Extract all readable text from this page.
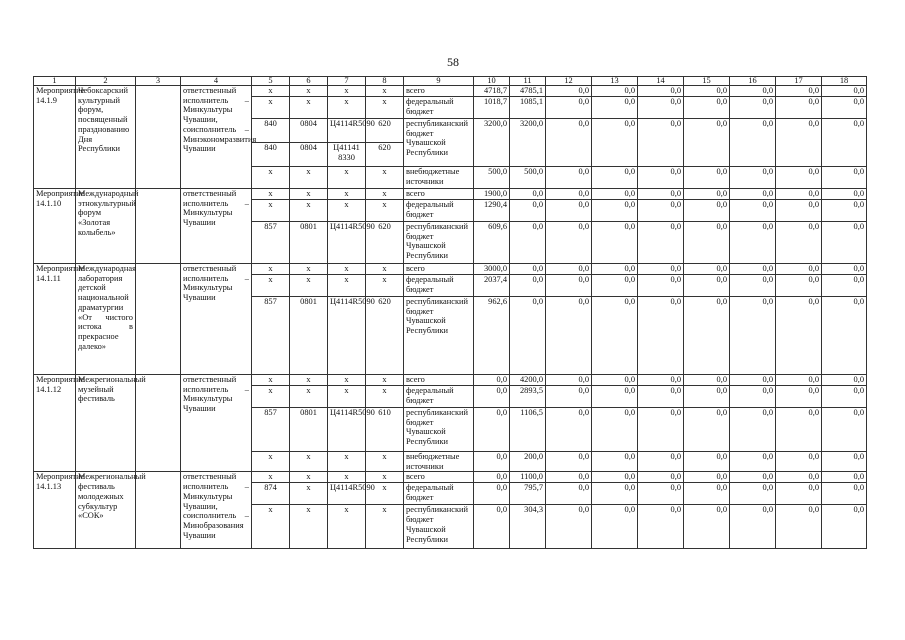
58
1	2	3	4	5	6	7	8	9	10	11	12	13	14	15	16	17	18
Мероприятие 14.1.9	Чебоксарский культурный форум, посвященный празднованию Дня Республики		ответственный исполнитель – Минкультуры Чувашии, соисполнитель – Минэкономразвития Чувашии	x	x	x	x	всего	4718,7	4785,1	0,0	0,0	0,0	0,0	0,0	0,0	0,0
				x	x	x	x	федеральный бюджет	1018,7	1085,1	0,0	0,0	0,0	0,0	0,0	0,0	0,0
				840	0804	Ц4114R5090	620	республиканский бюджет Чувашской Республики	3200,0	3200,0	0,0	0,0	0,0	0,0	0,0	0,0	0,0
				840	0804	Ц41141 8330	620										
				x	x	x	x	внебюджетные источники	500,0	500,0	0,0	0,0	0,0	0,0	0,0	0,0	0,0
Мероприятие 14.1.10	Международный этнокультурный форум «Золотая колыбель»		ответственный исполнитель – Минкультуры Чувашии	x	x	x	x	всего	1900,0	0,0	0,0	0,0	0,0	0,0	0,0	0,0	0,0
				x	x	x	x	федеральный бюджет	1290,4	0,0	0,0	0,0	0,0	0,0	0,0	0,0	0,0
				857	0801	Ц4114R5090	620	республиканский бюджет Чувашской Республики	609,6	0,0	0,0	0,0	0,0	0,0	0,0	0,0	0,0
Мероприятие 14.1.11	Международная лаборатория детской национальной драматургии «От чистого истока в прекрасное далеко»		ответственный исполнитель – Минкультуры Чувашии	x	x	x	x	всего	3000,0	0,0	0,0	0,0	0,0	0,0	0,0	0,0	0,0
				x	x	x	x	федеральный бюджет	2037,4	0,0	0,0	0,0	0,0	0,0	0,0	0,0	0,0
				857	0801	Ц4114R5090	620	республиканский бюджет Чувашской Республики	962,6	0,0	0,0	0,0	0,0	0,0	0,0	0,0	0,0
Мероприятие 14.1.12	Межрегиональный музейный фестиваль		ответственный исполнитель – Минкультуры Чувашии	x	x	x	x	всего	0,0	4200,0	0,0	0,0	0,0	0,0	0,0	0,0	0,0
				x	x	x	x	федеральный бюджет	0,0	2893,5	0,0	0,0	0,0	0,0	0,0	0,0	0,0
				857	0801	Ц4114R5090	610	республиканский бюджет Чувашской Республики	0,0	1106,5	0,0	0,0	0,0	0,0	0,0	0,0	0,0
				x	x	x	x	внебюджетные источники	0,0	200,0	0,0	0,0	0,0	0,0	0,0	0,0	0,0
Мероприятие 14.1.13	Межрегиональный фестиваль молодежных субкультур «СОК»		ответственный исполнитель – Минкультуры Чувашии, соисполнитель – Минобразования Чувашии	x	x	x	x	всего	0,0	1100,0	0,0	0,0	0,0	0,0	0,0	0,0	0,0
				874	x	Ц4114R5090	x	федеральный бюджет	0,0	795,7	0,0	0,0	0,0	0,0	0,0	0,0	0,0
				x	x	x	x	республиканский бюджет Чувашской Республики	0,0	304,3	0,0	0,0	0,0	0,0	0,0	0,0	0,0
